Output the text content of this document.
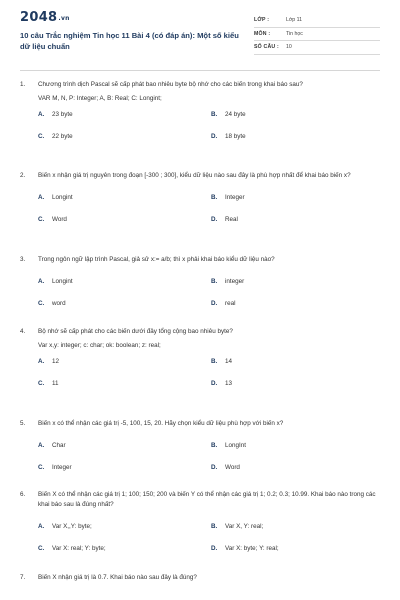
2048.vn
10 câu Trắc nghiệm Tin học 11 Bài 4 (có đáp án): Một số kiểu dữ liệu chuẩn
LỚP :	Lớp 11
MÔN :	Tin học
SỐ CÂU : 10
1. Chương trình dịch Pascal sẽ cấp phát bao nhiêu byte bộ nhớ cho các biến trong khai báo sau?
VAR M, N, P: Integer; A, B: Real; C: Longint;
A. 23 byte	B. 24 byte
C. 22 byte	D. 18 byte
2. Biến x nhận giá trị nguyên trong đoạn [-300 ; 300], kiểu dữ liệu nào sau đây là phù hợp nhất để khai báo biến x?
A. Longint	B. Integer
C. Word	D. Real
3. Trong ngôn ngữ lập trình Pascal, giả sử x:= a/b; thì x phải khai báo kiểu dữ liệu nào?
A. Longint	B. integer
C. word	D. real
4. Bộ nhớ sẽ cấp phát cho các biến dưới đây tổng cộng bao nhiêu byte?
Var x,y: integer; c: char; ok: boolean; z: real;
A. 12	B. 14
C. 11	D. 13
5. Biến x có thể nhận các giá trị -5, 100, 15, 20. Hãy chọn kiểu dữ liệu phù hợp với biến x?
A. Char	B. LongInt
C. Integer	D. Word
6. Biến X có thể nhận các giá trị 1; 100; 150; 200 và biến Y có thể nhận các giá trị 1; 0.2; 0.3; 10.99. Khai báo nào trong các khai báo sau là đúng nhất?
A. Var X,,Y: byte;	B. Var X, Y: real;
C. Var X: real; Y: byte;	D. Var X: byte; Y: real;
7. Biến X nhận giá trị là 0.7. Khai báo nào sau đây là đúng?
